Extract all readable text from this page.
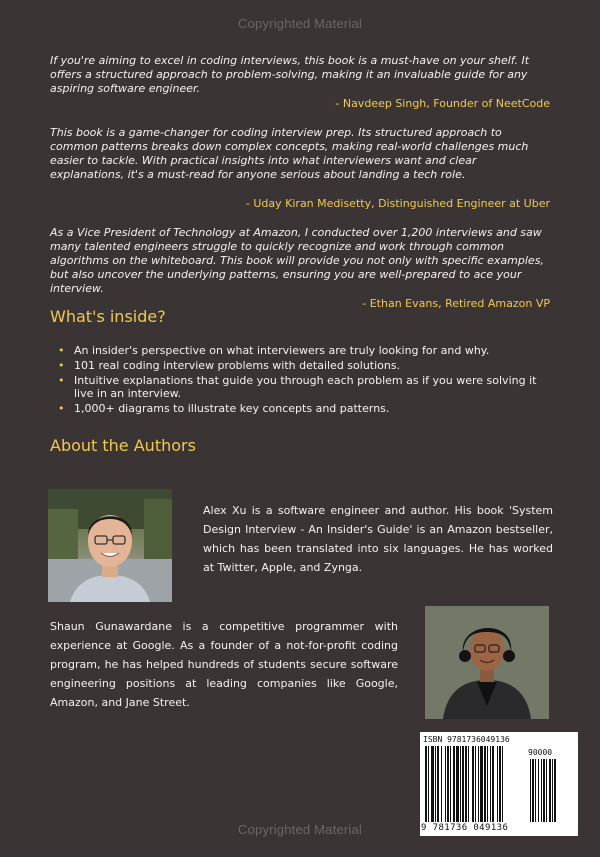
Copyrighted Material

If you're aiming to excel in coding interviews, this book is a must-have on your shelf. It offers a structured approach to problem-solving, making it an invaluable guide for any aspiring software engineer.

- Navdeep Singh, Founder of NeetCode

This book is a game-changer for coding interview prep. Its structured approach to common patterns breaks down complex concepts, making real-world challenges much easier to tackle. With practical insights into what interviewers want and clear explanations, it's a must-read for anyone serious about landing a tech role.

- Uday Kiran Medisetty, Distinguished Engineer at Uber

As a Vice President of Technology at Amazon, I conducted over 1,200 interviews and saw many talented engineers struggle to quickly recognize and work through common algorithms on the whiteboard. This book will provide you not only with specific examples, but also uncover the underlying patterns, ensuring you are well-prepared to ace your interview.

- Ethan Evans, Retired Amazon VP
What's inside?
• An insider's perspective on what interviewers are truly looking for and why.
• 101 real coding interview problems with detailed solutions.
• Intuitive explanations that guide you through each problem as if you were solving it live in an interview.
• 1,000+ diagrams to illustrate key concepts and patterns.
About the Authors

Alex Xu is a software engineer and author. His book 'System Design Interview - An Insider's Guide' is an Amazon bestseller, which has been translated into six languages. He has worked at Twitter, Apple, and Zynga.

Shaun Gunawardane is a competitive programmer with experience at Google. As a founder of a not-for-profit coding program, he has helped hundreds of students secure software engineering positions at leading companies like Google, Amazon, and Jane Street.

ISBN 9781736049136
90000
9 781736 049136
Copyrighted Material
